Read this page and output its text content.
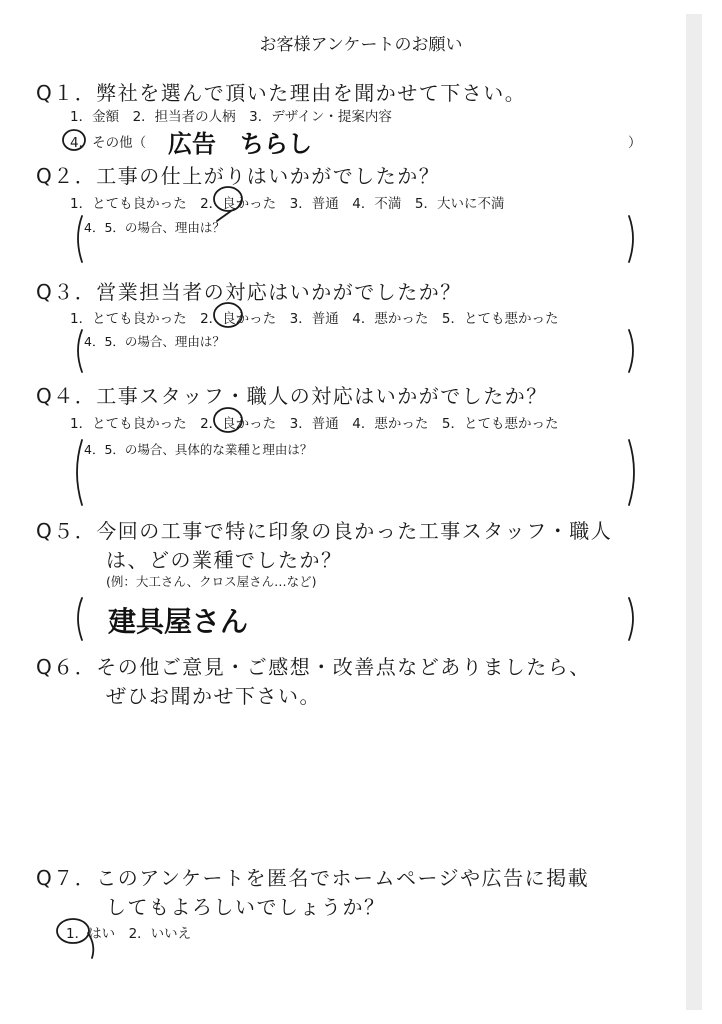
お客様アンケートのお願い
Q１．弊社を選んで頂いた理由を聞かせて下さい。
1．金額　2．担当者の人柄　3．デザイン・提案内容
4．その他（ 広告　ちらし	）
Q２．工事の仕上がりはいかがでしたか？
1．とても良かった　2．良かった　3．普通　4．不満　5．大いに不満
4．5．の場合、理由は？
Q３．営業担当者の対応はいかがでしたか？
1．とても良かった　2．良かった　3．普通　4．悪かった　5．とても悪かった
4．5．の場合、理由は？
Q４．工事スタッフ・職人の対応はいかがでしたか？
1．とても良かった　2．良かった　3．普通　4．悪かった　5．とても悪かった
4．5．の場合、具体的な業種と理由は？
Q５．今回の工事で特に印象の良かった工事スタッフ・職人
は、どの業種でしたか？
(例：大工さん、クロス屋さん…など)
建具屋さん
Q６．その他ご意見・ご感想・改善点などありましたら、
ぜひお聞かせ下さい。
Q７．このアンケートを匿名でホームページや広告に掲載
してもよろしいでしょうか？
1．はい　2．いいえ
